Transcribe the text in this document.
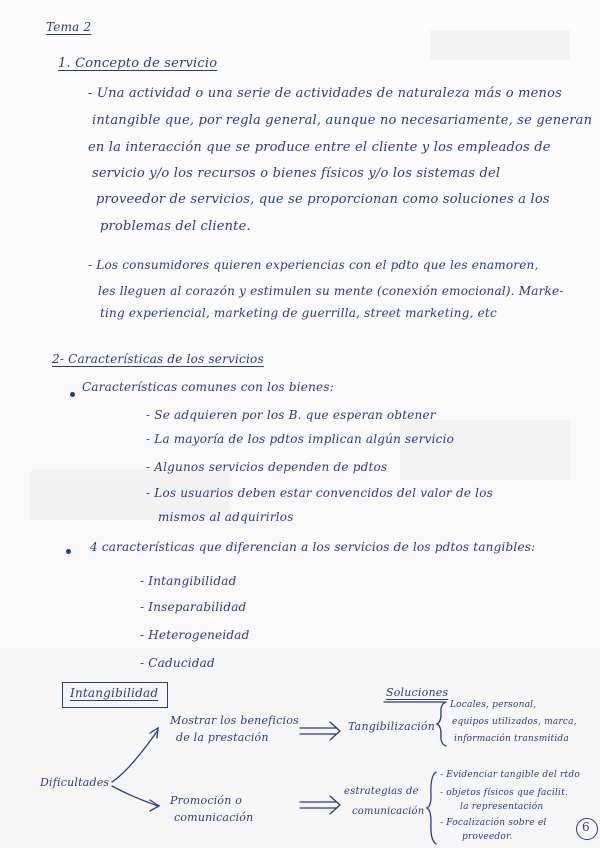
Tema 2
1. Concepto de servicio
- Una actividad o una serie de actividades de naturaleza más o menos
intangible que, por regla general, aunque no necesariamente, se generan
en la interacción que se produce entre el cliente y los empleados de
servicio y/o los recursos o bienes físicos y/o los sistemas del
proveedor de servicios, que se proporcionan como soluciones a los
problemas del cliente.
- Los consumidores quieren experiencias con el pdto que les enamoren,
les lleguen al corazón y estimulen su mente (conexión emocional). Marke-
ting experiencial, marketing de guerrilla, street marketing, etc
2- Características de los servicios
Características comunes con los bienes:
- Se adquieren por los B. que esperan obtener
- La mayoría de los pdtos implican algún servicio
- Algunos servicios dependen de pdtos
- Los usuarios deben estar convencidos del valor de los
mismos al adquirirlos
4 características que diferencian a los servicios de los pdtos tangibles:
- Intangibilidad
- Inseparabilidad
- Heterogeneidad
- Caducidad
Intangibilidad	Soluciones
Mostrar los beneficios
de la prestación
Tangibilización
Locales, personal,
equipos utilizados, marca,
información transmitida
Dificultades
Promoción o
comunicación
estrategias de
comunicación
- Evidenciar tangible del rtdo
- objetos físicos que facilit.
la representación
- Focalización sobre el
proveedor.
6
